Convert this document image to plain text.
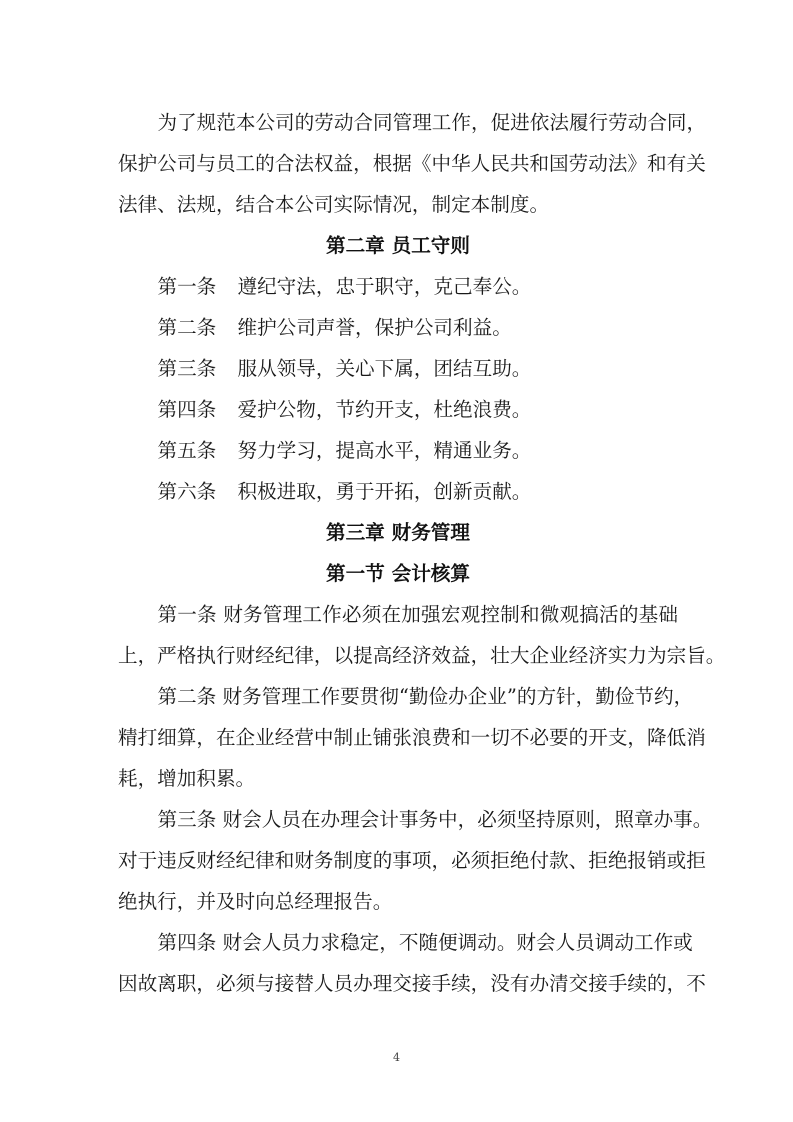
为了规范本公司的劳动合同管理工作，促进依法履行劳动合同，
保护公司与员工的合法权益，根据《中华人民共和国劳动法》和有关
法律、法规，结合本公司实际情况，制定本制度。
第二章 员工守则
第一条 遵纪守法，忠于职守，克己奉公。
第二条 维护公司声誉，保护公司利益。
第三条 服从领导，关心下属，团结互助。
第四条 爱护公物，节约开支，杜绝浪费。
第五条 努力学习，提高水平，精通业务。
第六条 积极进取，勇于开拓，创新贡献。
第三章 财务管理
第一节 会计核算
第一条 财务管理工作必须在加强宏观控制和微观搞活的基础
上，严格执行财经纪律，以提高经济效益，壮大企业经济实力为宗旨。
第二条 财务管理工作要贯彻“勤俭办企业”的方针，勤俭节约，
精打细算，在企业经营中制止铺张浪费和一切不必要的开支，降低消
耗，增加积累。
第三条 财会人员在办理会计事务中，必须坚持原则，照章办事。
对于违反财经纪律和财务制度的事项，必须拒绝付款、拒绝报销或拒
绝执行，并及时向总经理报告。
第四条 财会人员力求稳定，不随便调动。财会人员调动工作或
因故离职，必须与接替人员办理交接手续，没有办清交接手续的，不
4
